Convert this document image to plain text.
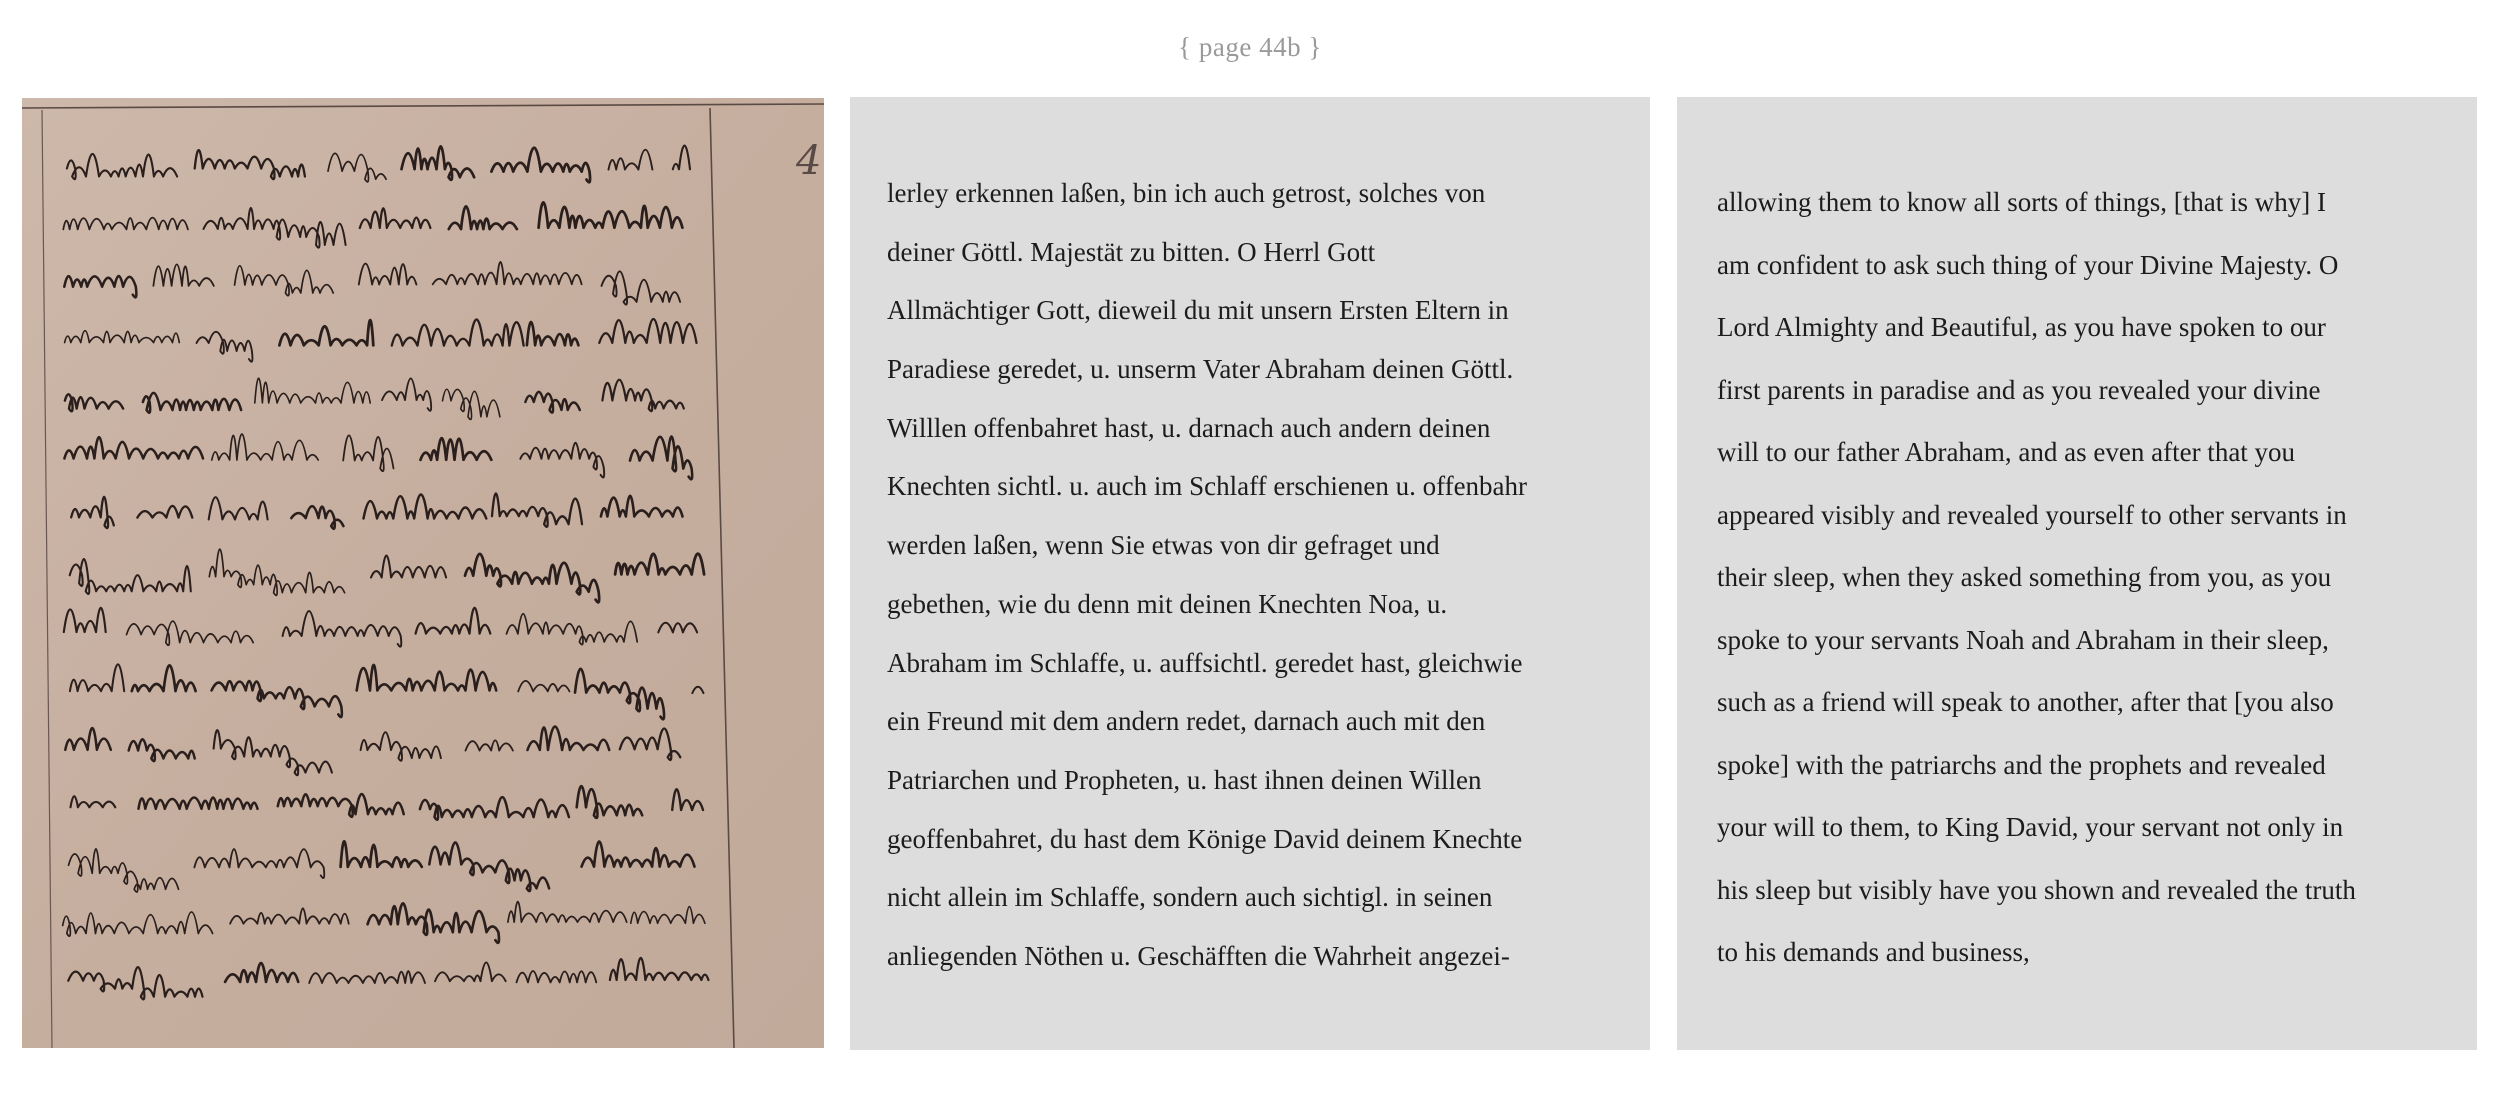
{ page 44b }
4
lerley erkennen laßen, bin ich auch getrost, solches von
deiner Göttl. Majestät zu bitten. O Herrl Gott
Allmächtiger Gott, dieweil du mit unsern Ersten Eltern in
Paradiese geredet, u. unserm Vater Abraham deinen Göttl.
Willlen offenbahret hast, u. darnach auch andern deinen
Knechten sichtl. u. auch im Schlaff erschienen u. offenbahr
werden laßen, wenn Sie etwas von dir gefraget und
gebethen, wie du denn mit deinen Knechten Noa, u.
Abraham im Schlaffe, u. auffsichtl. geredet hast, gleichwie
ein Freund mit dem andern redet, darnach auch mit den
Patriarchen und Propheten, u. hast ihnen deinen Willen
geoffenbahret, du hast dem Könige David deinem Knechte
nicht allein im Schlaffe, sondern auch sichtigl. in seinen
anliegenden Nöthen u. Geschäfften die Wahrheit angezei-
allowing them to know all sorts of things, [that is why] I
am confident to ask such thing of your Divine Majesty. O
Lord Almighty and Beautiful, as you have spoken to our
first parents in paradise and as you revealed your divine
will to our father Abraham, and as even after that you
appeared visibly and revealed yourself to other servants in
their sleep, when they asked something from you, as you
spoke to your servants Noah and Abraham in their sleep,
such as a friend will speak to another, after that [you also
spoke] with the patriarchs and the prophets and revealed
your will to them, to King David, your servant not only in
his sleep but visibly have you shown and revealed the truth
to his demands and business,
